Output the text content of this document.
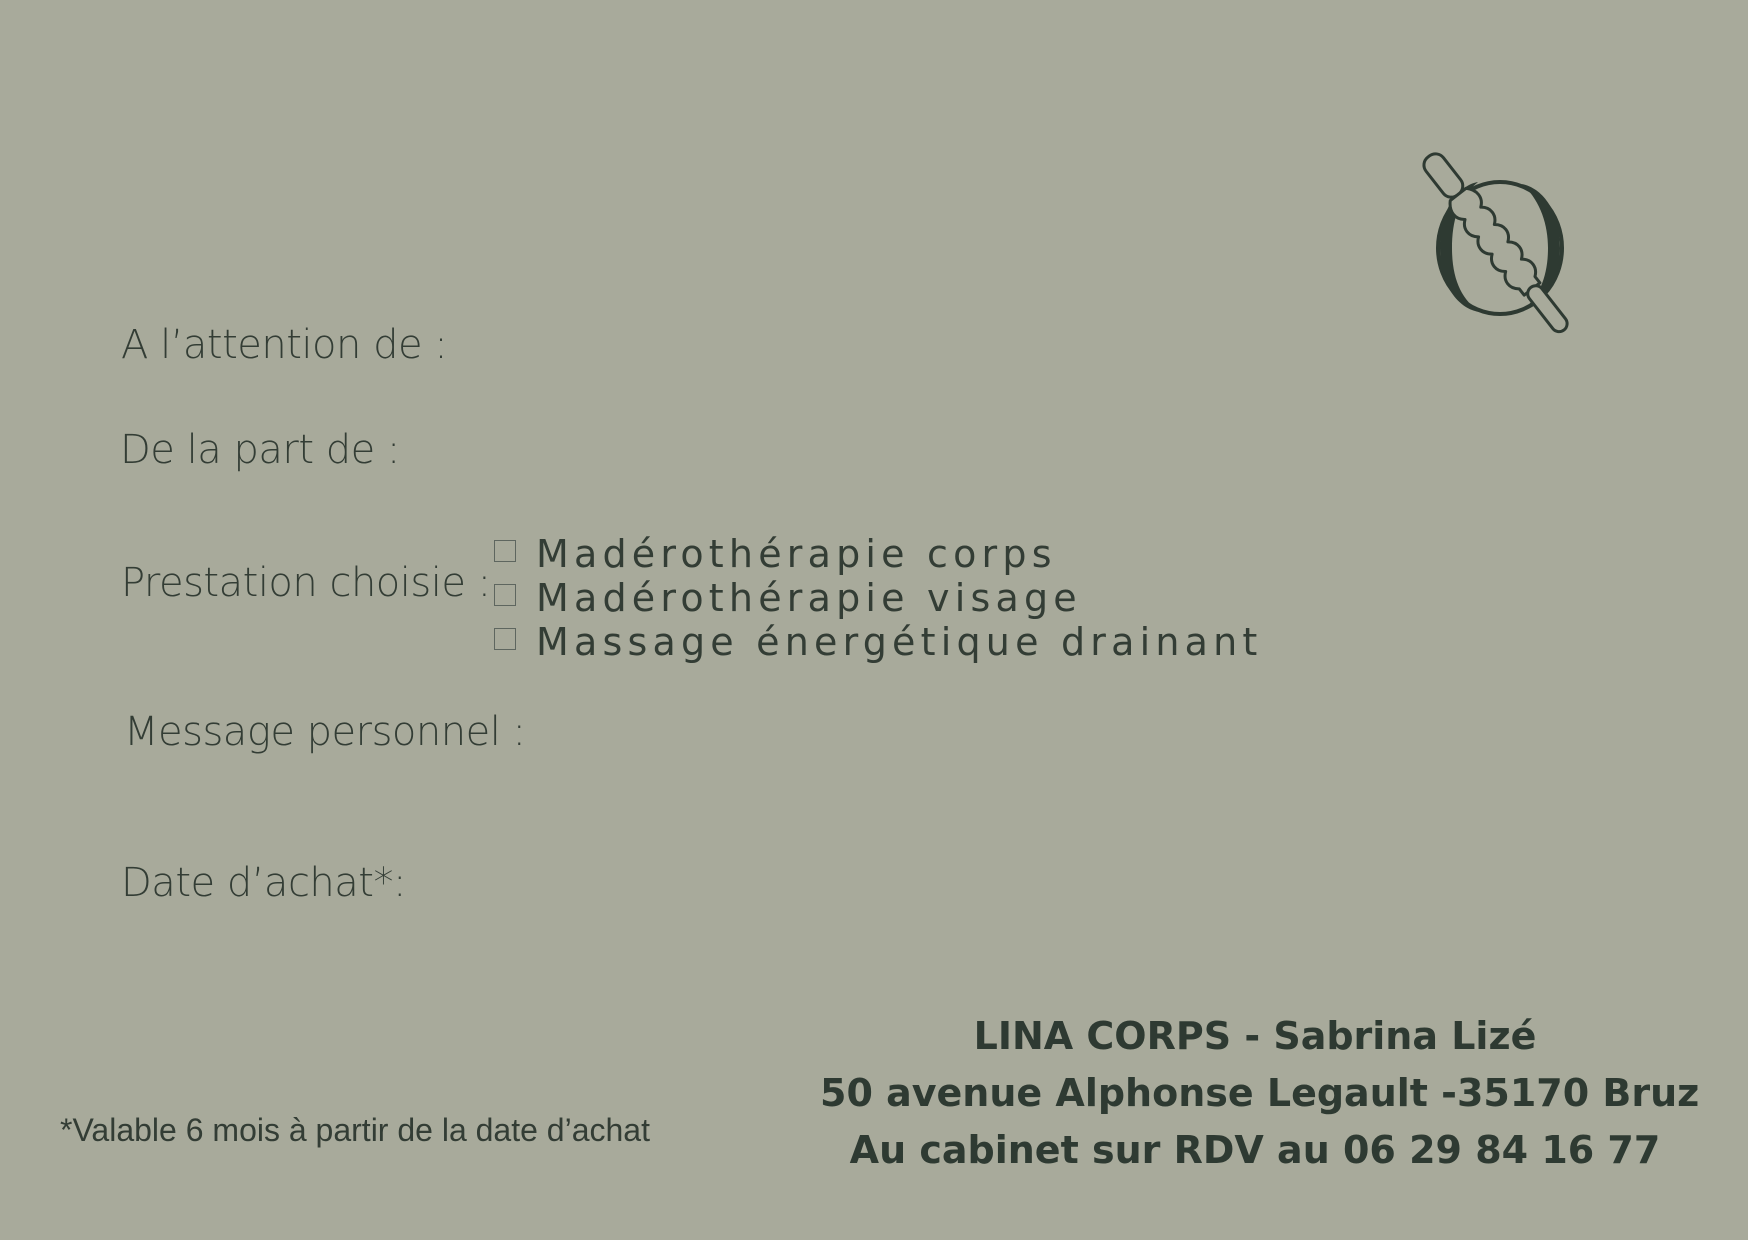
A l’attention de :
De la part de :
Prestation choisie :
Madérothérapie corps
Madérothérapie visage
Massage énergétique drainant
Message personnel :
Date d’achat*:
*Valable 6 mois à partir de la date d’achat
LINA CORPS - Sabrina Lizé
50 avenue Alphonse Legault -35170 Bruz
Au cabinet sur RDV au 06 29 84 16 77
